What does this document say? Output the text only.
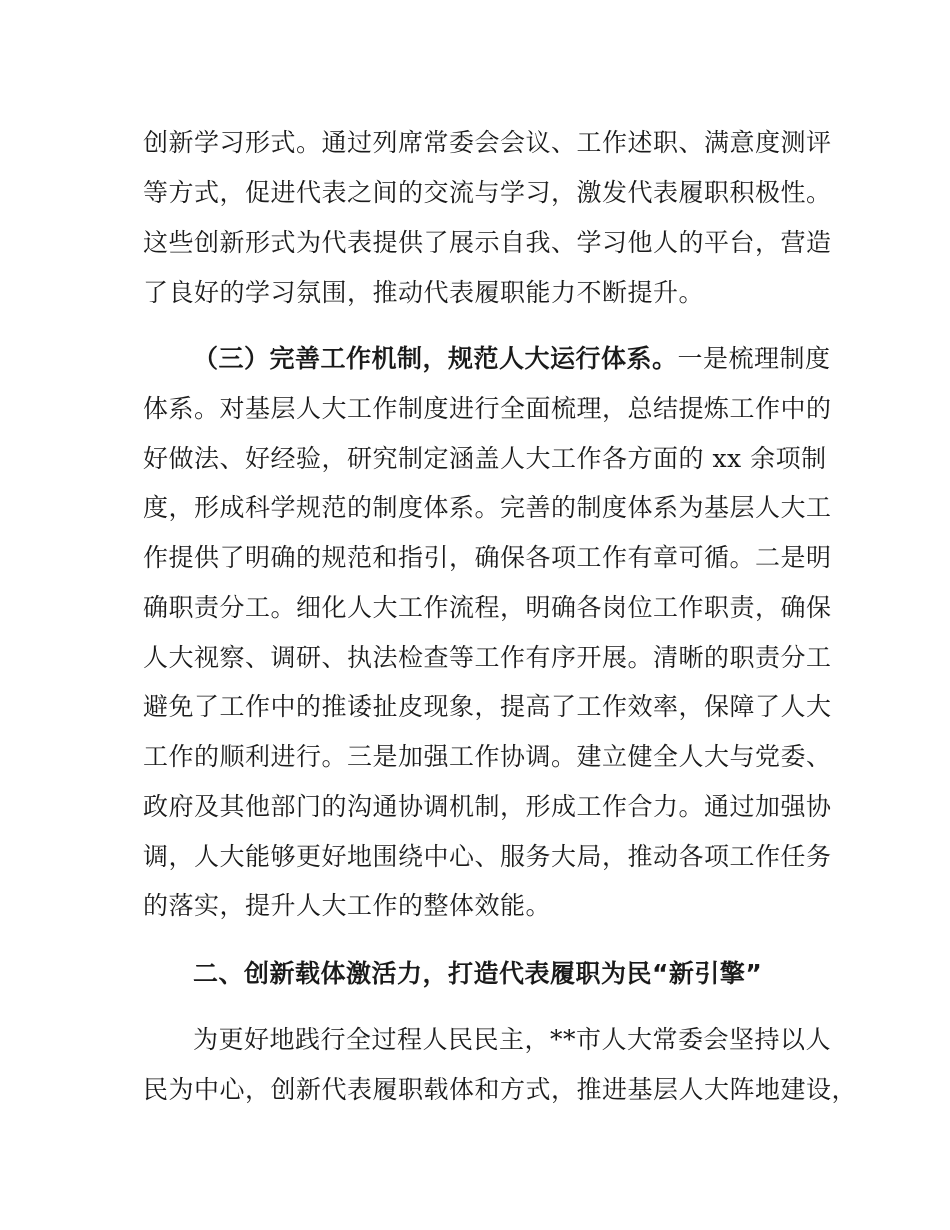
创新学习形式。通过列席常委会会议、工作述职、满意度测评
等方式，促进代表之间的交流与学习，激发代表履职积极性。
这些创新形式为代表提供了展示自我、学习他人的平台，营造
了良好的学习氛围，推动代表履职能力不断提升。
（三）完善工作机制，规范人大运行体系。一是梳理制度
体系。对基层人大工作制度进行全面梳理，总结提炼工作中的
好做法、好经验，研究制定涵盖人大工作各方面的 xx 余项制
度，形成科学规范的制度体系。完善的制度体系为基层人大工
作提供了明确的规范和指引，确保各项工作有章可循。二是明
确职责分工。细化人大工作流程，明确各岗位工作职责，确保
人大视察、调研、执法检查等工作有序开展。清晰的职责分工
避免了工作中的推诿扯皮现象，提高了工作效率，保障了人大
工作的顺利进行。三是加强工作协调。建立健全人大与党委、
政府及其他部门的沟通协调机制，形成工作合力。通过加强协
调，人大能够更好地围绕中心、服务大局，推动各项工作任务
的落实，提升人大工作的整体效能。
二、创新载体激活力，打造代表履职为民“新引擎”
为更好地践行全过程人民民主，**市人大常委会坚持以人
民为中心，创新代表履职载体和方式，推进基层人大阵地建设，
